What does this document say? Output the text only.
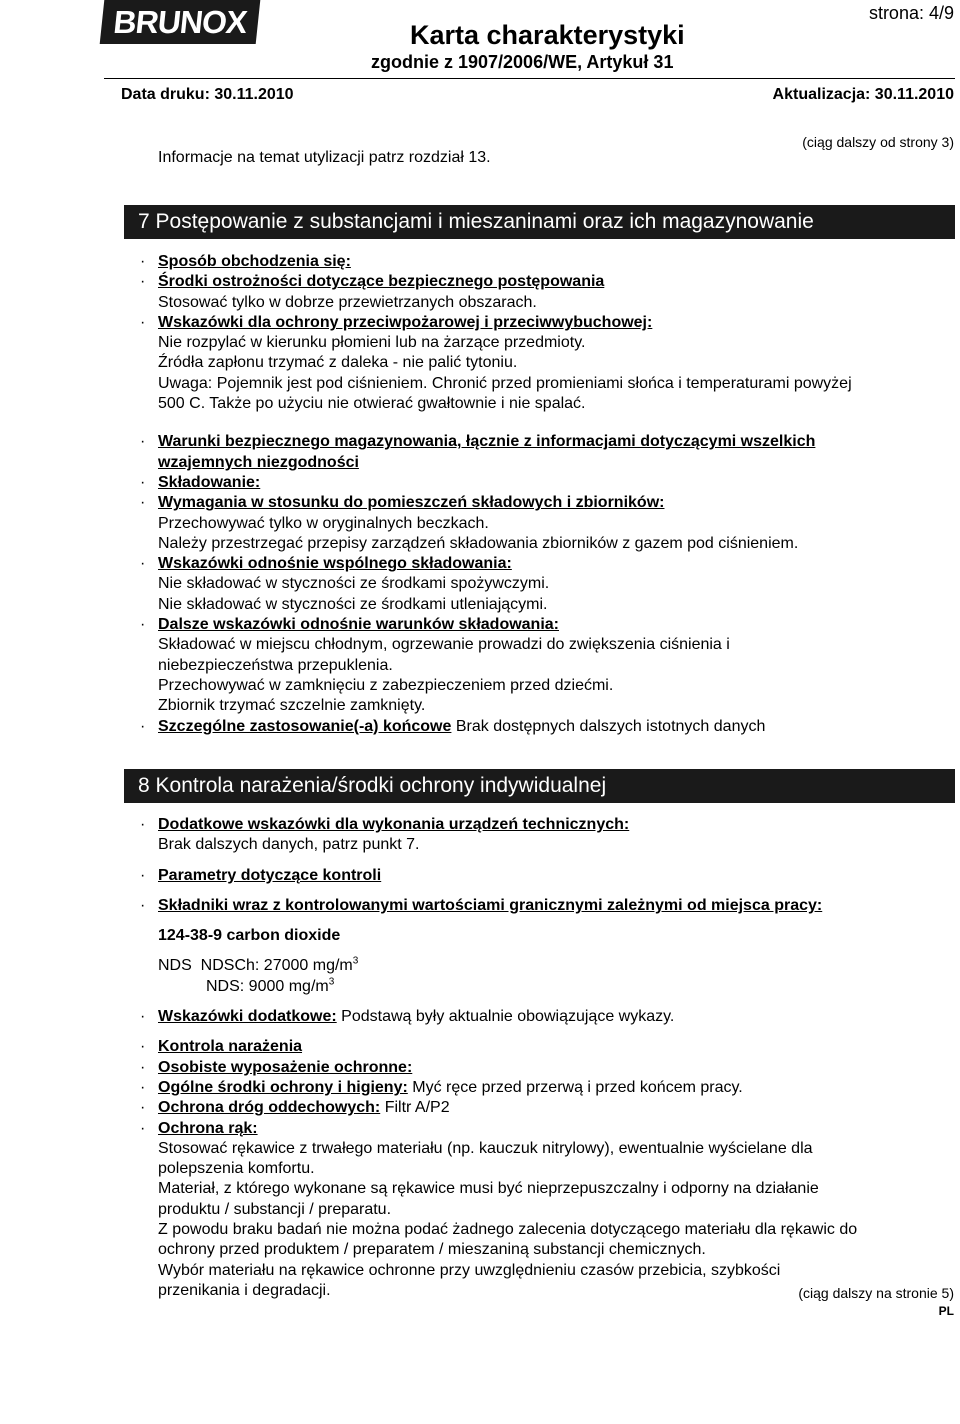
BRUNOX	strona: 4/9
Karta charakterystyki
zgodnie z 1907/2006/WE, Artykuł 31
Data druku: 30.11.2010	Aktualizacja: 30.11.2010
(ciąg dalszy od strony 3)
Informacje na temat utylizacji patrz rozdział 13.
7 Postępowanie z substancjami i mieszaninami oraz ich magazynowanie
· Sposób obchodzenia się:
· Środki ostrożności dotyczące bezpiecznego postępowania
Stosować tylko w dobrze przewietrzanych obszarach.
· Wskazówki dla ochrony przeciwpożarowej i przeciwwybuchowej:
Nie rozpylać w kierunku płomieni lub na żarzące przedmioty.
Źródła zapłonu trzymać z daleka - nie palić tytoniu.
Uwaga: Pojemnik jest pod ciśnieniem. Chronić przed promieniami słońca i temperaturami powyżej
500 C. Także po użyciu nie otwierać gwałtownie i nie spalać.
· Warunki bezpiecznego magazynowania, łącznie z informacjami dotyczącymi wszelkich
wzajemnych niezgodności
· Składowanie:
· Wymagania w stosunku do pomieszczeń składowych i zbiorników:
Przechowywać tylko w oryginalnych beczkach.
Należy przestrzegać przepisy zarządzeń składowania zbiorników z gazem pod ciśnieniem.
· Wskazówki odnośnie wspólnego składowania:
Nie składować w styczności ze środkami spożywczymi.
Nie składować w styczności ze środkami utleniającymi.
· Dalsze wskazówki odnośnie warunków składowania:
Składować w miejscu chłodnym, ogrzewanie prowadzi do zwiększenia ciśnienia i
niebezpieczeństwa przepuklenia.
Przechowywać w zamknięciu z zabezpieczeniem przed dziećmi.
Zbiornik trzymać szczelnie zamknięty.
· Szczególne zastosowanie(-a) końcowe Brak dostępnych dalszych istotnych danych
8 Kontrola narażenia/środki ochrony indywidualnej
· Dodatkowe wskazówki dla wykonania urządzeń technicznych:
Brak dalszych danych, patrz punkt 7.
· Parametry dotyczące kontroli
· Składniki wraz z kontrolowanymi wartościami granicznymi zależnymi od miejsca pracy:
124-38-9 carbon dioxide
NDS NDSCh: 27000 $mg/m^3$
NDS: 9000 $mg/m^3$
· Wskazówki dodatkowe: Podstawą były aktualnie obowiązujące wykazy.
· Kontrola narażenia
· Osobiste wyposażenie ochronne:
· Ogólne środki ochrony i higieny: Myć ręce przed przerwą i przed końcem pracy.
· Ochrona dróg oddechowych: Filtr A/P2
· Ochrona rąk:
Stosować rękawice z trwałego materiału (np. kauczuk nitrylowy), ewentualnie wyścielane dla
polepszenia komfortu.
Materiał, z którego wykonane są rękawice musi być nieprzepuszczalny i odporny na działanie
produktu / substancji / preparatu.
Z powodu braku badań nie można podać żadnego zalecenia dotyczącego materiału dla rękawic do
ochrony przed produktem / preparatem / mieszaniną substancji chemicznych.
Wybór materiału na rękawice ochronne przy uwzględnieniu czasów przebicia, szybkości
przenikania i degradacji.	(ciąg dalszy na stronie 5)
PL
